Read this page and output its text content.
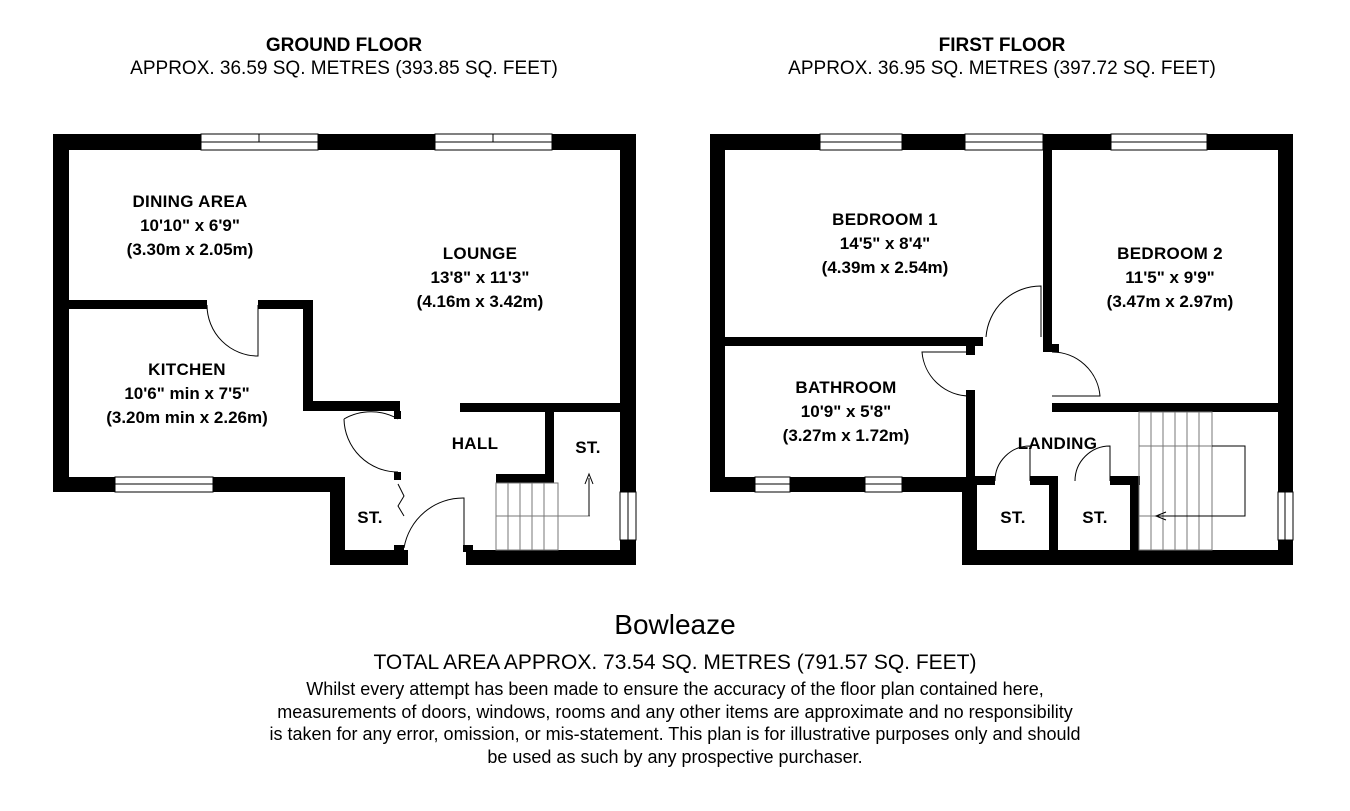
GROUND FLOOR
APPROX. 36.59 SQ. METRES (393.85 SQ. FEET)
FIRST FLOOR
APPROX. 36.95 SQ. METRES (397.72 SQ. FEET)
DINING AREA
10'10" x 6'9"
(3.30m x 2.05m)	LOUNGE
13'8" x 11'3"
(4.16m x 3.42m)
KITCHEN
10'6" min x 7'5"
(3.20m min x 2.26m)
HALL	ST.
ST.
BEDROOM 1
14'5" x 8'4"
(4.39m x 2.54m)
BEDROOM 2
11'5" x 9'9"
(3.47m x 2.97m)
BATHROOM
10'9" x 5'8"
(3.27m x 1.72m)	LANDING
ST.	ST.
Bowleaze
TOTAL AREA APPROX. 73.54 SQ. METRES (791.57 SQ. FEET)
Whilst every attempt has been made to ensure the accuracy of the floor plan contained here,
measurements of doors, windows, rooms and any other items are approximate and no responsibility
is taken for any error, omission, or mis-statement. This plan is for illustrative purposes only and should
be used as such by any prospective purchaser.
